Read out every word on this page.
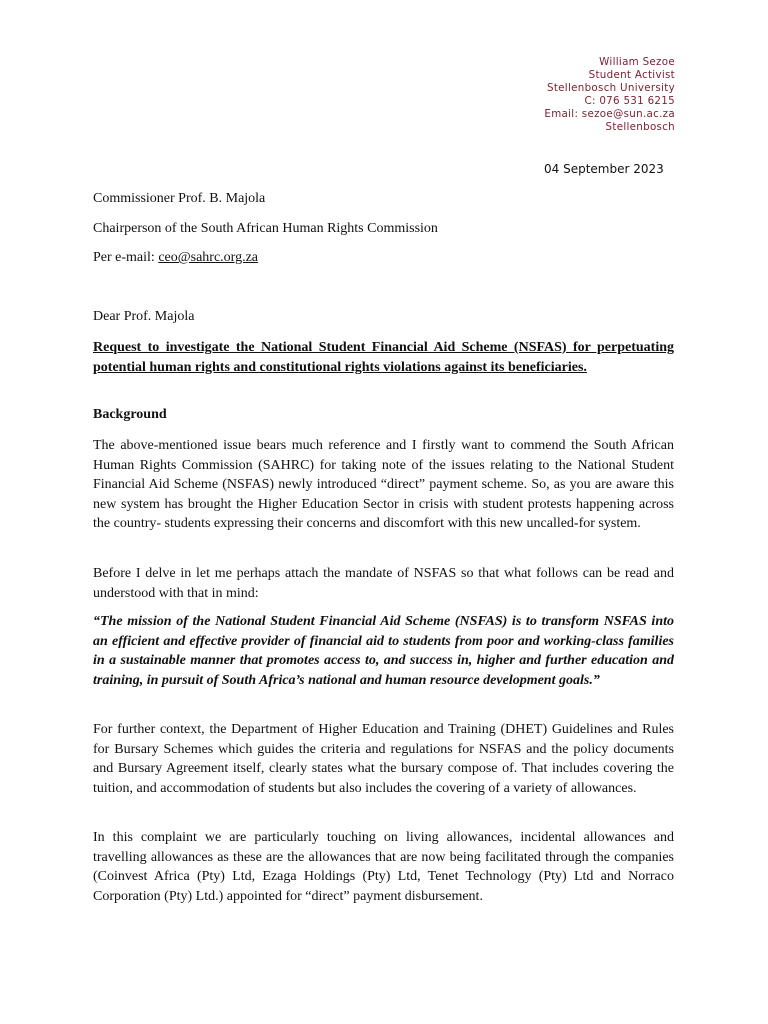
William Sezoe
Student Activist
Stellenbosch University
C: 076 531 6215
Email: sezoe@sun.ac.za
Stellenbosch
04 September 2023
Commissioner Prof. B. Majola
Chairperson of the South African Human Rights Commission
Per e-mail: ceo@sahrc.org.za
Dear Prof. Majola
Request to investigate the National Student Financial Aid Scheme (NSFAS) for perpetuating potential human rights and constitutional rights violations against its beneficiaries.
Background
The above-mentioned issue bears much reference and I firstly want to commend the South African Human Rights Commission (SAHRC) for taking note of the issues relating to the National Student Financial Aid Scheme (NSFAS) newly introduced “direct” payment scheme. So, as you are aware this new system has brought the Higher Education Sector in crisis with student protests happening across the country- students expressing their concerns and discomfort with this new uncalled-for system.
Before I delve in let me perhaps attach the mandate of NSFAS so that what follows can be read and understood with that in mind:
“The mission of the National Student Financial Aid Scheme (NSFAS) is to transform NSFAS into an efficient and effective provider of financial aid to students from poor and working-class families in a sustainable manner that promotes access to, and success in, higher and further education and training, in pursuit of South Africa’s national and human resource development goals.”
For further context, the Department of Higher Education and Training (DHET) Guidelines and Rules for Bursary Schemes which guides the criteria and regulations for NSFAS and the policy documents and Bursary Agreement itself, clearly states what the bursary compose of. That includes covering the tuition, and accommodation of students but also includes the covering of a variety of allowances.
In this complaint we are particularly touching on living allowances, incidental allowances and travelling allowances as these are the allowances that are now being facilitated through the companies (Coinvest Africa (Pty) Ltd, Ezaga Holdings (Pty) Ltd, Tenet Technology (Pty) Ltd and Norraco Corporation (Pty) Ltd.) appointed for “direct” payment disbursement.
